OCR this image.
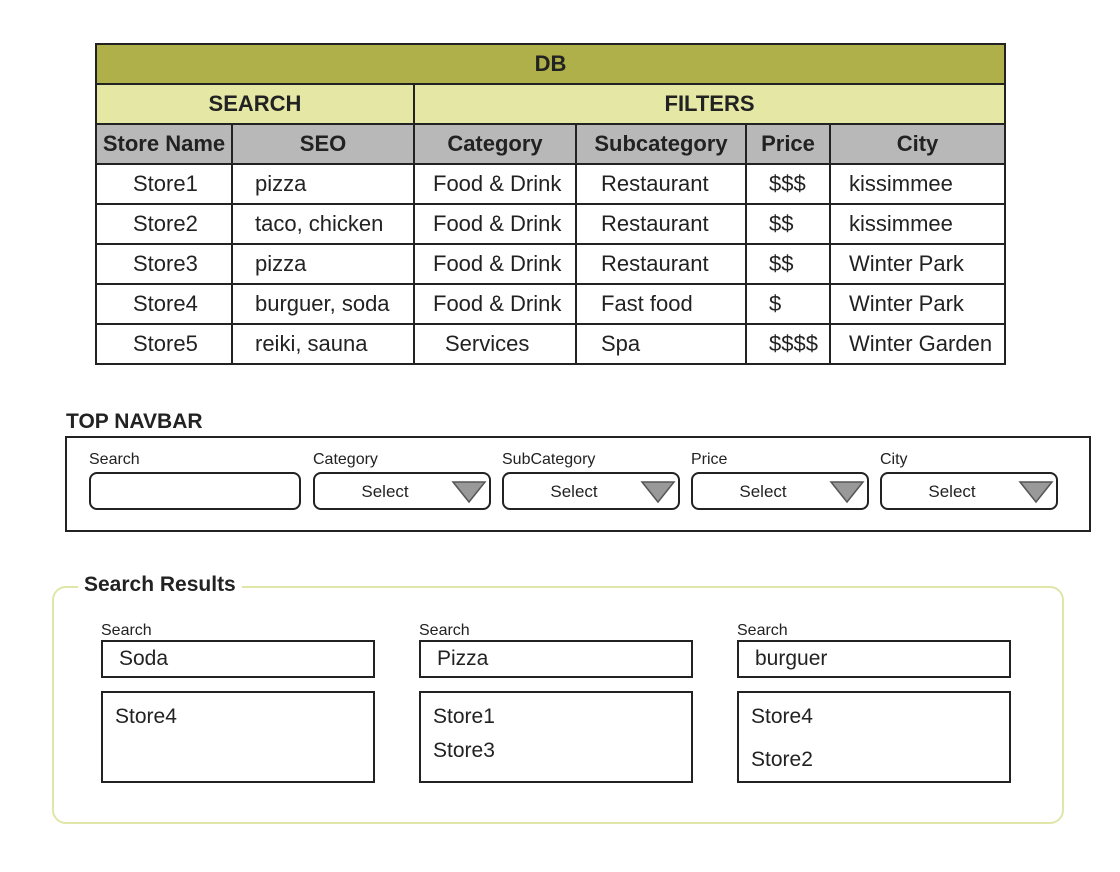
DB					
SEARCH		FILTERS			
Store Name	SEO	Category	Subcategory	Price	City
Store1	pizza	Food & Drink	Restaurant	$$$	kissimmee
Store2	taco, chicken	Food & Drink	Restaurant	$$	kissimmee
Store3	pizza	Food & Drink	Restaurant	$$	Winter Park
Store4	burguer, soda	Food & Drink	Fast food	$	Winter Park
Store5	reiki, sauna	Services	Spa	$$$$	Winter Garden
TOP NAVBAR
Search	Category
Select
SubCategory
Select
Price
Select
City
Select
Search Results
Search
Soda
Store4
Search
Pizza
Store1
Store3
Search
burguer
Store4
Store2
